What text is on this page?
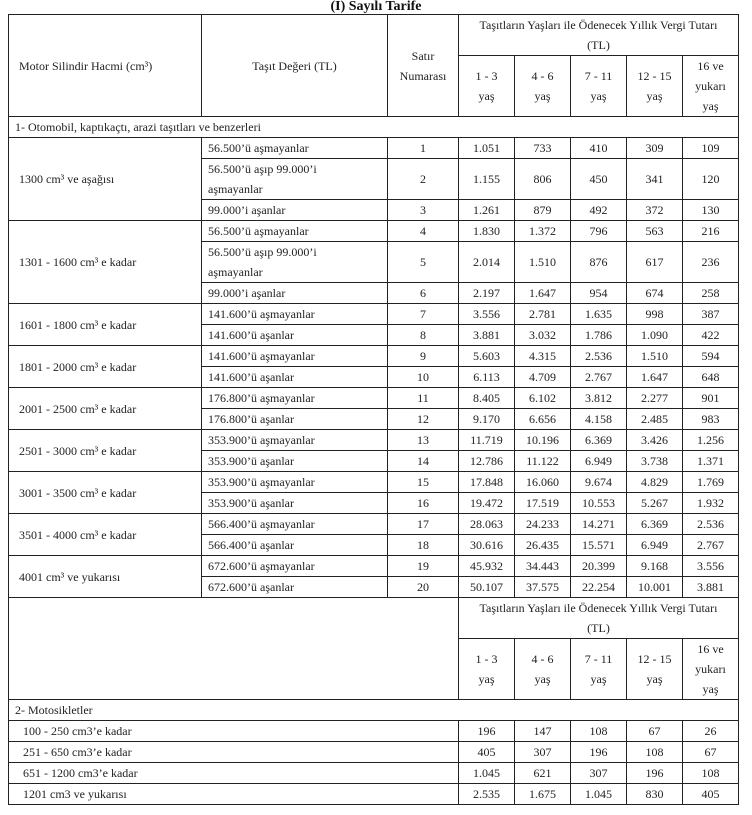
(I) Sayılı Tarife
Motor Silindir Hacmi (cm³)	Taşıt Değeri (TL)	Satır Numarası	Taşıtların Yaşları ile Ödenecek Yıllık Vergi Tutarı (TL)				
			1 - 3 yaş	4 - 6 yaş	7 - 11 yaş	12 - 15 yaş	16 ve yukarı yaş
1- Otomobil, kaptıkaçtı, arazi taşıtları ve benzerleri							
1300 cm³ ve aşağısı	56.500’ü aşmayanlar	1	1.051	733	410	309	109
	56.500’ü aşıp 99.000’i aşmayanlar	2	1.155	806	450	341	120
	99.000’i aşanlar	3	1.261	879	492	372	130
1301 - 1600 cm³ e kadar	56.500’ü aşmayanlar	4	1.830	1.372	796	563	216
	56.500’ü aşıp 99.000’i aşmayanlar	5	2.014	1.510	876	617	236
	99.000’i aşanlar	6	2.197	1.647	954	674	258
1601 - 1800 cm³ e kadar	141.600’ü aşmayanlar	7	3.556	2.781	1.635	998	387
	141.600’ü aşanlar	8	3.881	3.032	1.786	1.090	422
1801 - 2000 cm³ e kadar	141.600’ü aşmayanlar	9	5.603	4.315	2.536	1.510	594
	141.600’ü aşanlar	10	6.113	4.709	2.767	1.647	648
2001 - 2500 cm³ e kadar	176.800’ü aşmayanlar	11	8.405	6.102	3.812	2.277	901
	176.800’ü aşanlar	12	9.170	6.656	4.158	2.485	983
2501 - 3000 cm³ e kadar	353.900’ü aşmayanlar	13	11.719	10.196	6.369	3.426	1.256
	353.900’ü aşanlar	14	12.786	11.122	6.949	3.738	1.371
3001 - 3500 cm³ e kadar	353.900’ü aşmayanlar	15	17.848	16.060	9.674	4.829	1.769
	353.900’ü aşanlar	16	19.472	17.519	10.553	5.267	1.932
3501 - 4000 cm³ e kadar	566.400’ü aşmayanlar	17	28.063	24.233	14.271	6.369	2.536
	566.400’ü aşanlar	18	30.616	26.435	15.571	6.949	2.767
4001 cm³ ve yukarısı	672.600’ü aşmayanlar	19	45.932	34.443	20.399	9.168	3.556
	672.600’ü aşanlar	20	50.107	37.575	22.254	10.001	3.881
			Taşıtların Yaşları ile Ödenecek Yıllık Vergi Tutarı (TL)				
			1 - 3 yaş	4 - 6 yaş	7 - 11 yaş	12 - 15 yaş	16 ve yukarı yaş
2- Motosikletler							
100 - 250 cm3’e kadar			196	147	108	67	26
251 - 650 cm3’e kadar			405	307	196	108	67
651 - 1200 cm3’e kadar			1.045	621	307	196	108
1201 cm3 ve yukarısı			2.535	1.675	1.045	830	405
